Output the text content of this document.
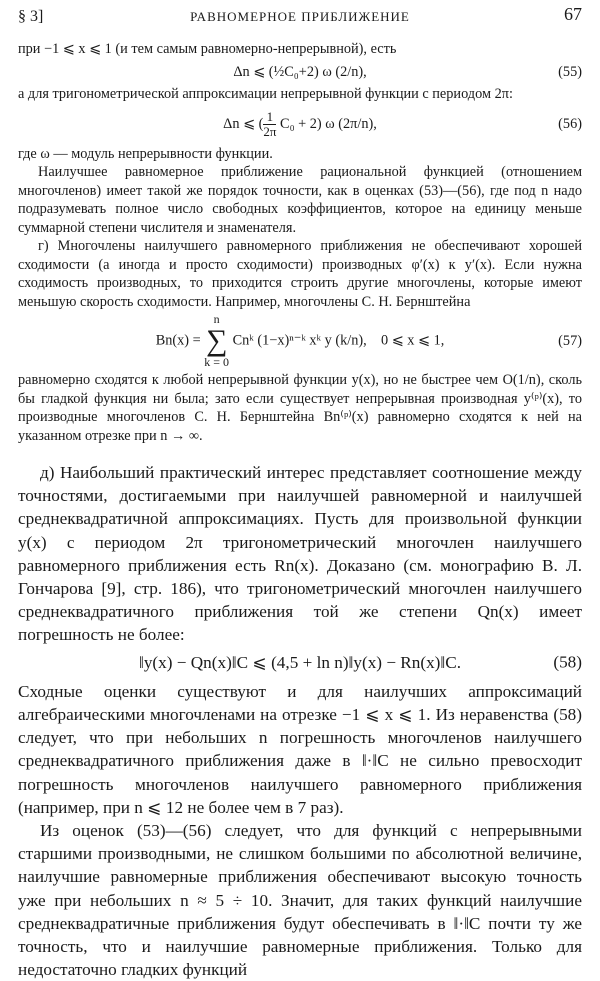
§ 3]	РАВНОМЕРНОЕ ПРИБЛИЖЕНИЕ	67

при −1 ⩽ x ⩽ 1 (и тем самым равномерно-непрерывной), есть

Δn ⩽ (½C₀+2) ω (2/n),	(55)

а для тригонометрической аппроксимации непрерывной функции с периодом 2π:

Δn ⩽ ( $\frac{1}{2\pi} C_0 + 2$) ω (2π/n),	(56)

где ω — модуль непрерывности функции.

Наилучшее равномерное приближение рациональной функцией (отношением многочленов) имеет такой же порядок точности, как в оценках (53)—(56), где под n надо подразумевать полное число свободных коэффициентов, которое на единицу меньше суммарной степени числителя и знаменателя.

г) Многочлены наилучшего равномерного приближения не обеспечивают хорошей сходимости (а иногда и просто сходимости) производных φ′(x) к y′(x). Если нужна сходимость производных, то приходится строить другие многочлены, которые имеют меньшую скорость сходимости. Например, многочлены С. Н. Бернштейна

Bn(x) = n
∑
k = 0 Cnᵏ (1−x)ⁿ⁻ᵏ xᵏ y (k/n), 0 ⩽ x ⩽ 1,	(57)

равномерно сходятся к любой непрерывной функции y(x), но не быстрее чем O(1/n), сколь бы гладкой функция ни была; зато если существует непрерывная производная y⁽ᵖ⁾(x), то производные многочленов С. Н. Бернштейна Bn⁽ᵖ⁾(x) равномерно сходятся к ней на указанном отрезке при n → ∞.

д) Наибольший практический интерес представляет соотношение между точностями, достигаемыми при наилучшей равномерной и наилучшей среднеквадратичной аппроксимациях. Пусть для произвольной функции y(x) с периодом 2π тригонометрический многочлен наилучшего равномерного приближения есть Rn(x). Доказано (см. монографию В. Л. Гончарова [9], стр. 186), что тригонометрический многочлен наилучшего среднеквадратичного приближения той же степени Qn(x) имеет погрешность не более:

‖y(x) − Qn(x)‖C ⩽ (4,5 + ln n)‖y(x) − Rn(x)‖C.	(58)

Сходные оценки существуют и для наилучших аппроксимаций алгебраическими многочленами на отрезке −1 ⩽ x ⩽ 1. Из неравенства (58) следует, что при небольших n погрешность многочленов наилучшего среднеквадратичного приближения даже в ‖·‖C не сильно превосходит погрешность многочленов наилучшего равномерного приближения (например, при n ⩽ 12 не более чем в 7 раз).

Из оценок (53)—(56) следует, что для функций с непрерывными старшими производными, не слишком большими по абсолютной величине, наилучшие равномерные приближения обеспечивают высокую точность уже при небольших n ≈ 5 ÷ 10. Значит, для таких функций наилучшие среднеквадратичные приближения будут обеспечивать в ‖·‖C почти ту же точность, что и наилучшие равномерные приближения. Только для недостаточно гладких функций
